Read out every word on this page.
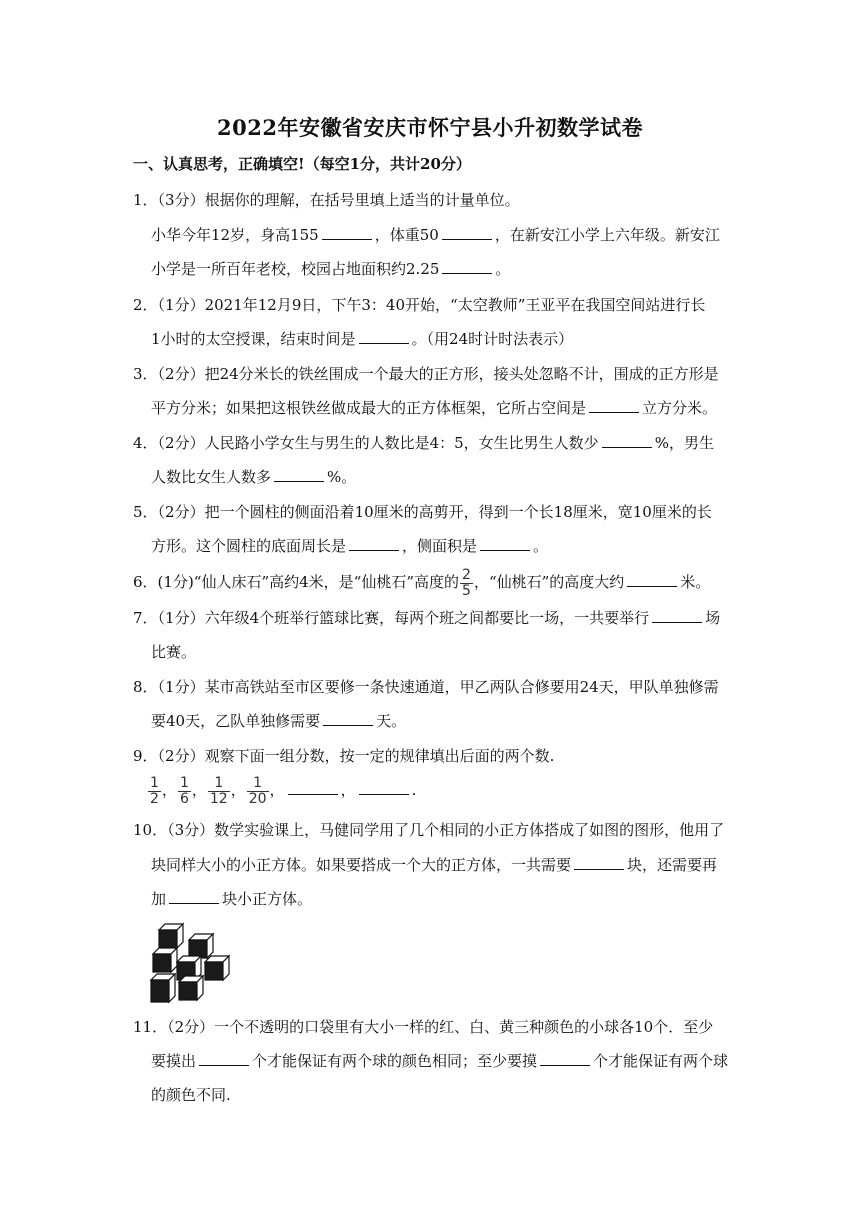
2022年安徽省安庆市怀宁县小升初数学试卷
一、认真思考，正确填空!（每空1分，共计20分）
1．（3分）根据你的理解，在括号里填上适当的计量单位。
小华今年12岁，身高155	，体重50	，在新安江小学上六年级。新安江
小学是一所百年老校，校园占地面积约2.25	。
2．（1分）2021年12月9日，下午3：40开始，“太空教师”王亚平在我国空间站进行长
1小时的太空授课，结束时间是	。（用24时计时法表示）
3．（2分）把24分米长的铁丝围成一个最大的正方形，接头处忽略不计，围成的正方形是
平方分米；如果把这根铁丝做成最大的正方体框架，它所占空间是	立方分米。
4．（2分）人民路小学女生与男生的人数比是4：5，女生比男生人数少	%，男生
人数比女生人数多	%。
5．（2分）把一个圆柱的侧面沿着10厘米的高剪开，得到一个长18厘米，宽10厘米的长
方形。这个圆柱的底面周长是	，侧面积是	。
6．(1分)“仙人床石”高约4米，是“仙桃石”高度的 $\frac{2}{5}$ ，“仙桃石”的高度大约	米。
7．（1分）六年级4个班举行篮球比赛，每两个班之间都要比一场，一共要举行	场
比赛。
8．（1分）某市高铁站至市区要修一条快速通道，甲乙两队合修要用24天，甲队单独修需
要40天，乙队单独修需要	天。
9．（2分）观察下面一组分数，按一定的规律填出后面的两个数.
$\frac{1}{2}$ ， $\frac{1}{6}$ ， $\frac{1}{12}$ ， $\frac{1}{20}$ ，	，	.
10．（3分）数学实验课上，马健同学用了几个相同的小正方体搭成了如图的图形，他用了
块同样大小的小正方体。如果要搭成一个大的正方体，一共需要	块，还需要再
加	块小正方体。
11．（2分）一个不透明的口袋里有大小一样的红、白、黄三种颜色的小球各10个．至少
要摸出	个才能保证有两个球的颜色相同；至少要摸	个才能保证有两个球
的颜色不同.
